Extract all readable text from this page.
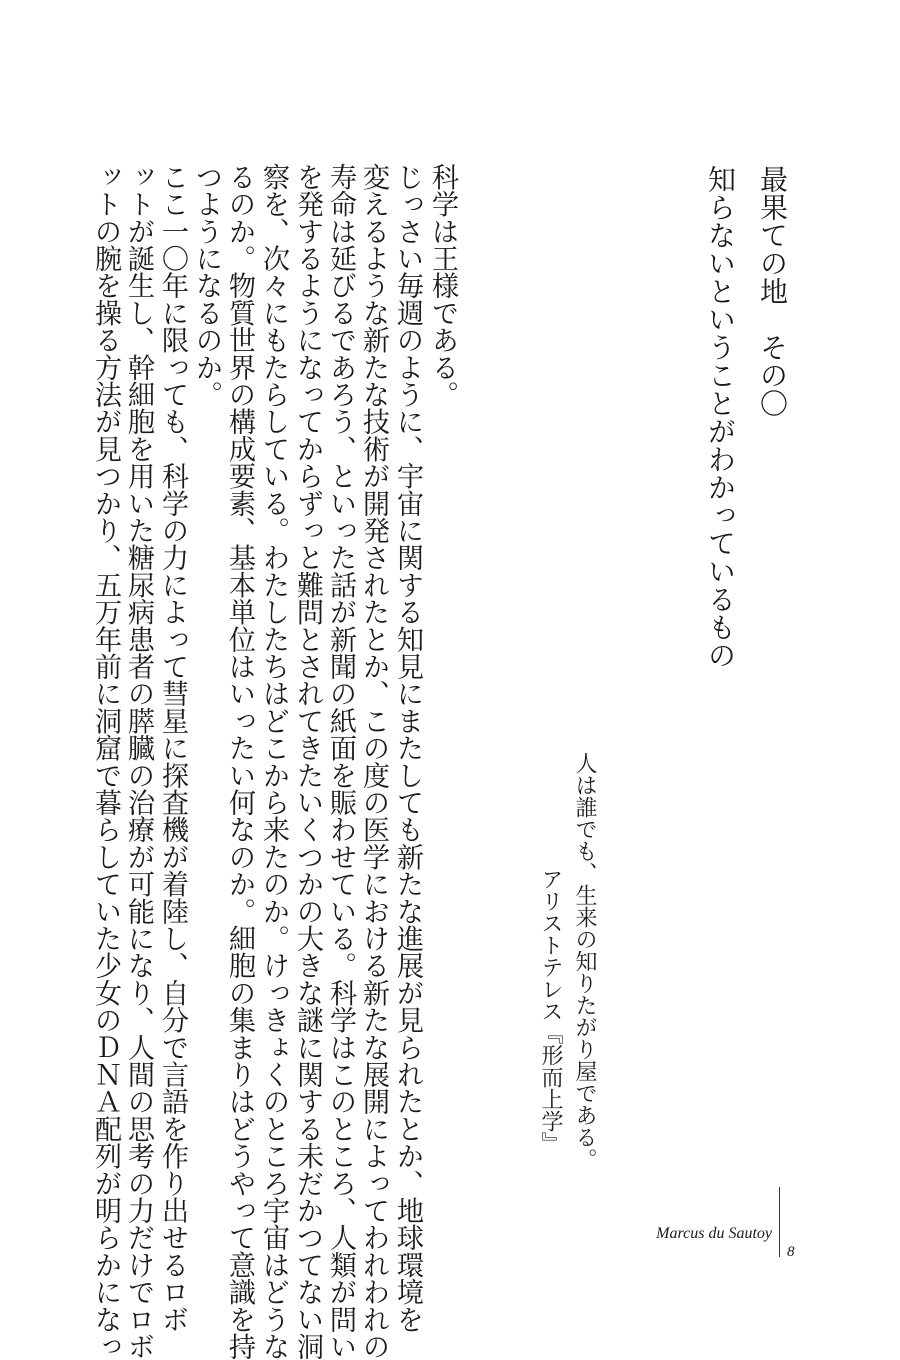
最果ての地　その〇
知らないということがわかっているもの
人は誰でも、生来の知りたがり屋である。
アリストテレス『形而上学』
科学は王様である。
じっさい毎週のように、宇宙に関する知見にまたしても新たな進展が見られたとか、地球環境を
変えるような新たな技術が開発されたとか、この度の医学における新たな展開によってわれわれの
寿命は延びるであろう、といった話が新聞の紙面を賑わせている。科学はこのところ、人類が問い
を発するようになってからずっと難問とされてきたいくつかの大きな謎に関する未だかつてない洞
察を、次々にもたらしている。わたしたちはどこから来たのか。けっきょくのところ宇宙はどうな
るのか。物質世界の構成要素、基本単位はいったい何なのか。細胞の集まりはどうやって意識を持
つようになるのか。
ここ一〇年に限っても、科学の力によって彗星に探査機が着陸し、自分で言語を作り出せるロボ
ットが誕生し、幹細胞を用いた糖尿病患者の膵臓の治療が可能になり、人間の思考の力だけでロボ
ットの腕を操る方法が見つかり、五万年前に洞窟で暮らしていた少女のＤＮＡ配列が明らかになっ	Marcus du Sautoy
8
